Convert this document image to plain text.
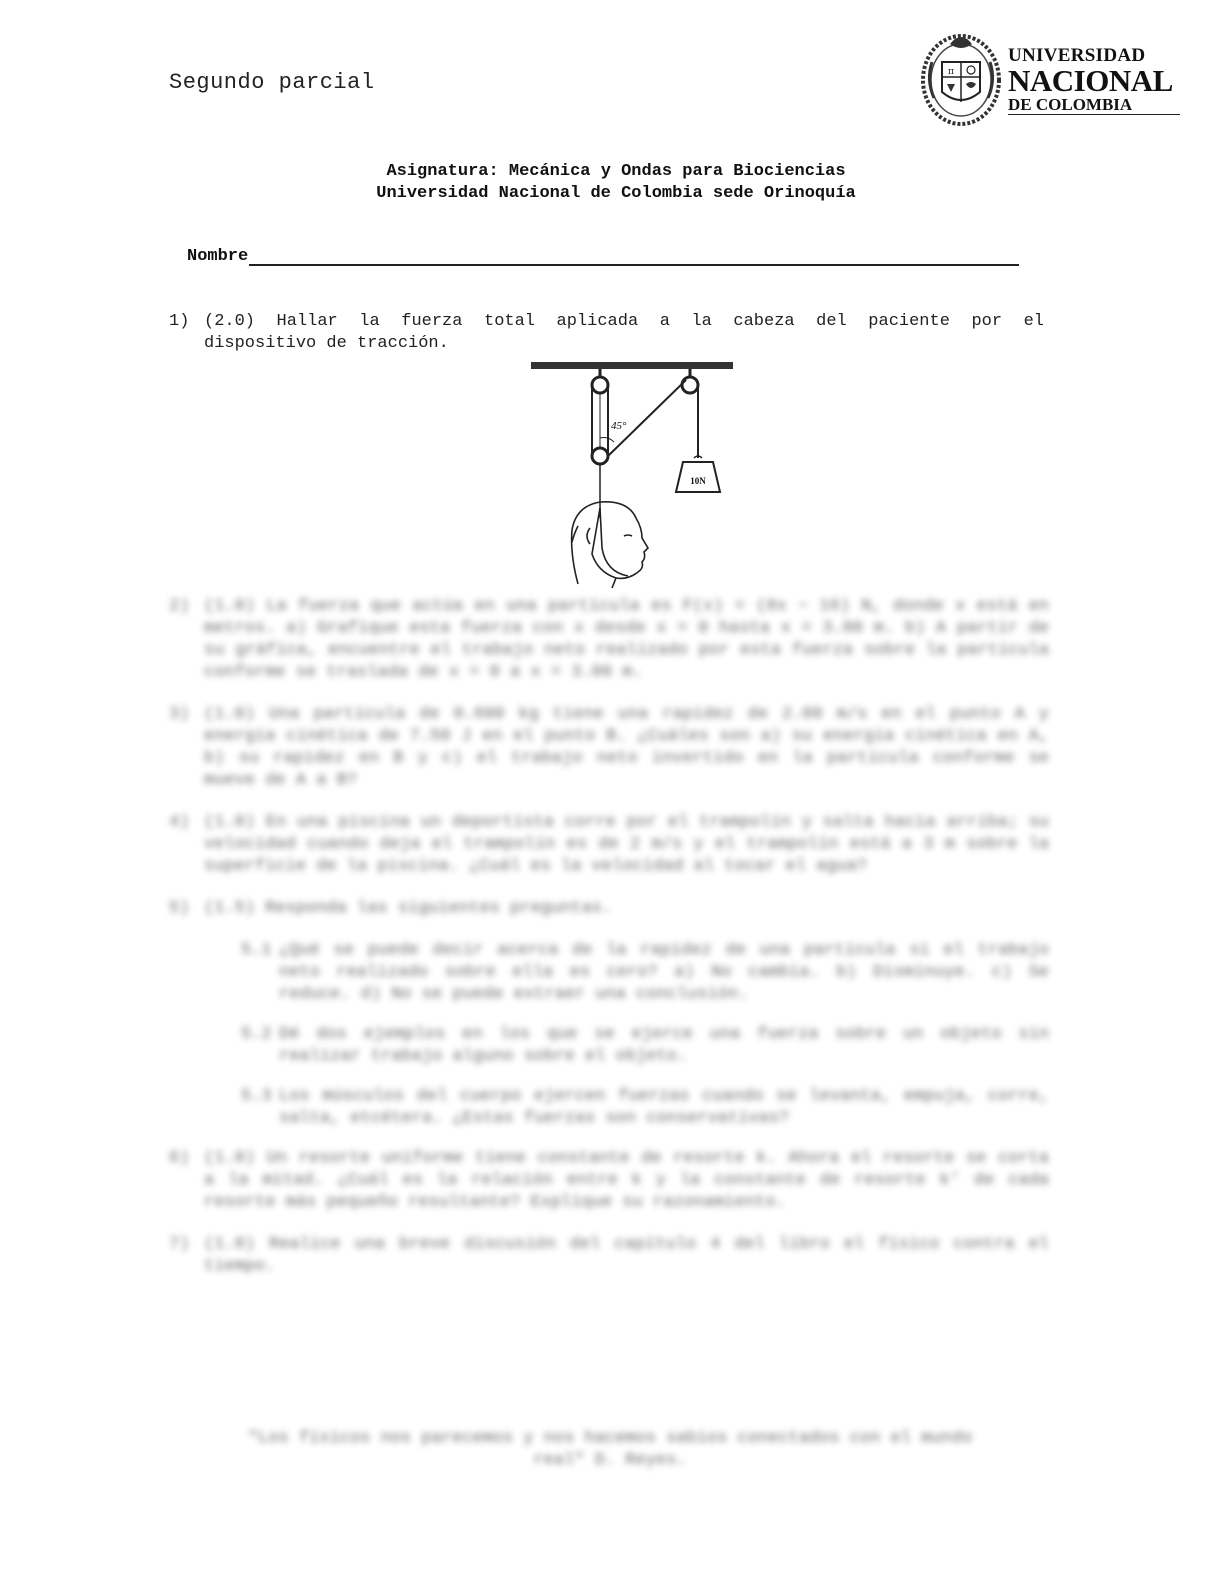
Segundo parcial	π
UNIVERSIDAD
NACIONAL
DE COLOMBIA
Asignatura: Mecánica y Ondas para Biociencias
Universidad Nacional de Colombia sede Orinoquía
Nombre
1) (2.0) Hallar la fuerza total aplicada a la cabeza del paciente por el
dispositivo de tracción.
45°
10N
2) (1.0) La fuerza que actúa en una partícula es F(x) = (8x − 16) N, donde x está en metros. a) Grafique esta fuerza con x desde x = 0 hasta x = 3.00 m. b) A partir de su gráfica, encuentre el trabajo neto realizado por esta fuerza sobre la partícula conforme se traslada de x = 0 a x = 3.00 m.
3) (1.0) Una partícula de 0.600 kg tiene una rapidez de 2.00 m/s en el punto A y energía cinética de 7.50 J en el punto B. ¿Cuáles son a) su energía cinética en A, b) su rapidez en B y c) el trabajo neto invertido en la partícula conforme se mueve de A a B?
4) (1.0) En una piscina un deportista corre por el trampolín y salta hacia arriba; su velocidad cuando deja el trampolín es de 2 m/s y el trampolín está a 3 m sobre la superficie de la piscina. ¿Cuál es la velocidad al tocar el agua?
5) (1.5) Responda las siguientes preguntas.
5.1 ¿Qué se puede decir acerca de la rapidez de una partícula si el trabajo neto realizado sobre ella es cero? a) No cambia. b) Disminuye. c) Se reduce. d) No se puede extraer una conclusión.
5.2 Dé dos ejemplos en los que se ejerce una fuerza sobre un objeto sin realizar trabajo alguno sobre el objeto.
5.3 Los músculos del cuerpo ejercen fuerzas cuando se levanta, empuja, corre, salta, etcétera. ¿Estas fuerzas son conservativas?
6) (1.0) Un resorte uniforme tiene constante de resorte k. Ahora el resorte se corta a la mitad. ¿Cuál es la relación entre k y la constante de resorte k' de cada resorte más pequeño resultante? Explique su razonamiento.
7) (1.0) Realice una breve discusión del capítulo 4 del libro el físico contra el tiempo.
"Los físicos nos parecemos y nos hacemos sabios conectados con el mundo
real" D. Reyes.
